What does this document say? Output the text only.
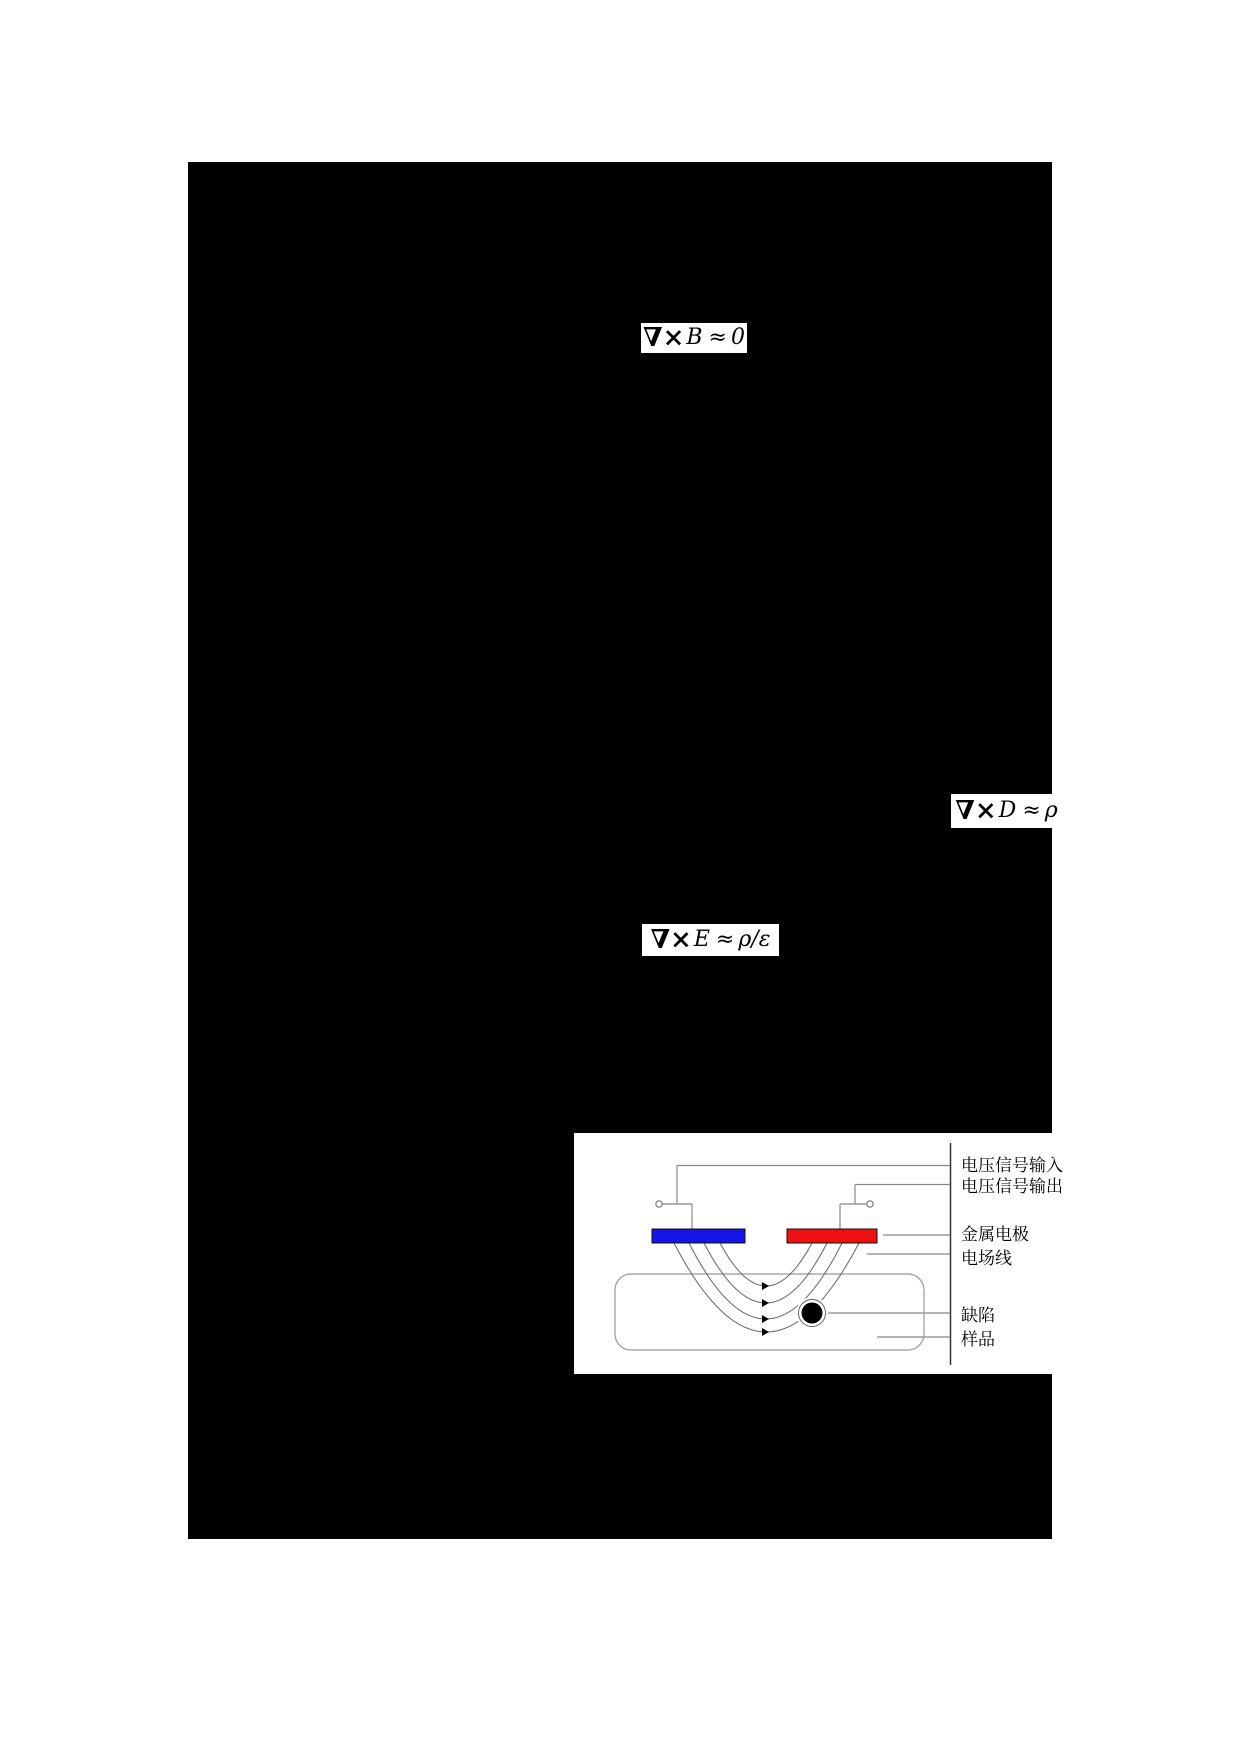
∇× B ≈ 0
∇× D ≈ ρ
∇× E ≈ ρ/ε
电压信号输入
电压信号输出
金属电极
电场线
缺陷
样品
